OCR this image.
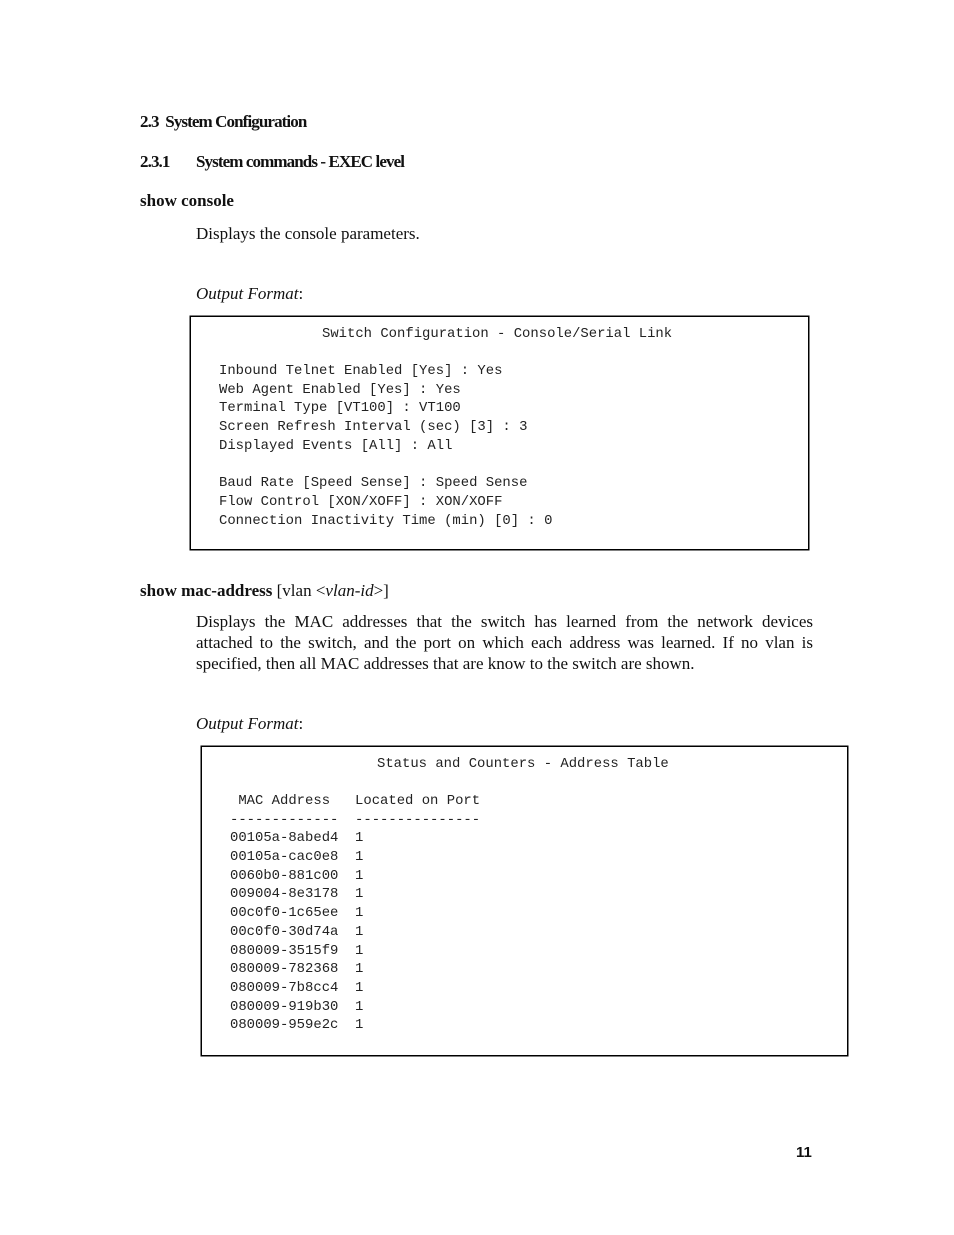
2.3 System Configuration
2.3.1 System commands - EXEC level
show console
Displays the console parameters.
Output Format:
Switch Configuration - Console/Serial Link
Inbound Telnet Enabled [Yes] : Yes
Web Agent Enabled [Yes] : Yes
Terminal Type [VT100] : VT100
Screen Refresh Interval (sec) [3] : 3
Displayed Events [All] : All

Baud Rate [Speed Sense] : Speed Sense
Flow Control [XON/XOFF] : XON/XOFF
Connection Inactivity Time (min) [0] : 0
show mac-address [vlan <vlan-id>]
Displays the MAC addresses that the switch has learned from the network devices attached to the switch, and the port on which each address was learned. If no vlan is specified, then all MAC addresses that are know to the switch are shown.
Output Format:
Status and Counters - Address Table
MAC Address   Located on Port
-------------  ---------------
00105a-8abed4  1
00105a-cac0e8  1
0060b0-881c00  1
009004-8e3178  1
00c0f0-1c65ee  1
00c0f0-30d74a  1
080009-3515f9  1
080009-782368  1
080009-7b8cc4  1
080009-919b30  1
080009-959e2c  1
11
